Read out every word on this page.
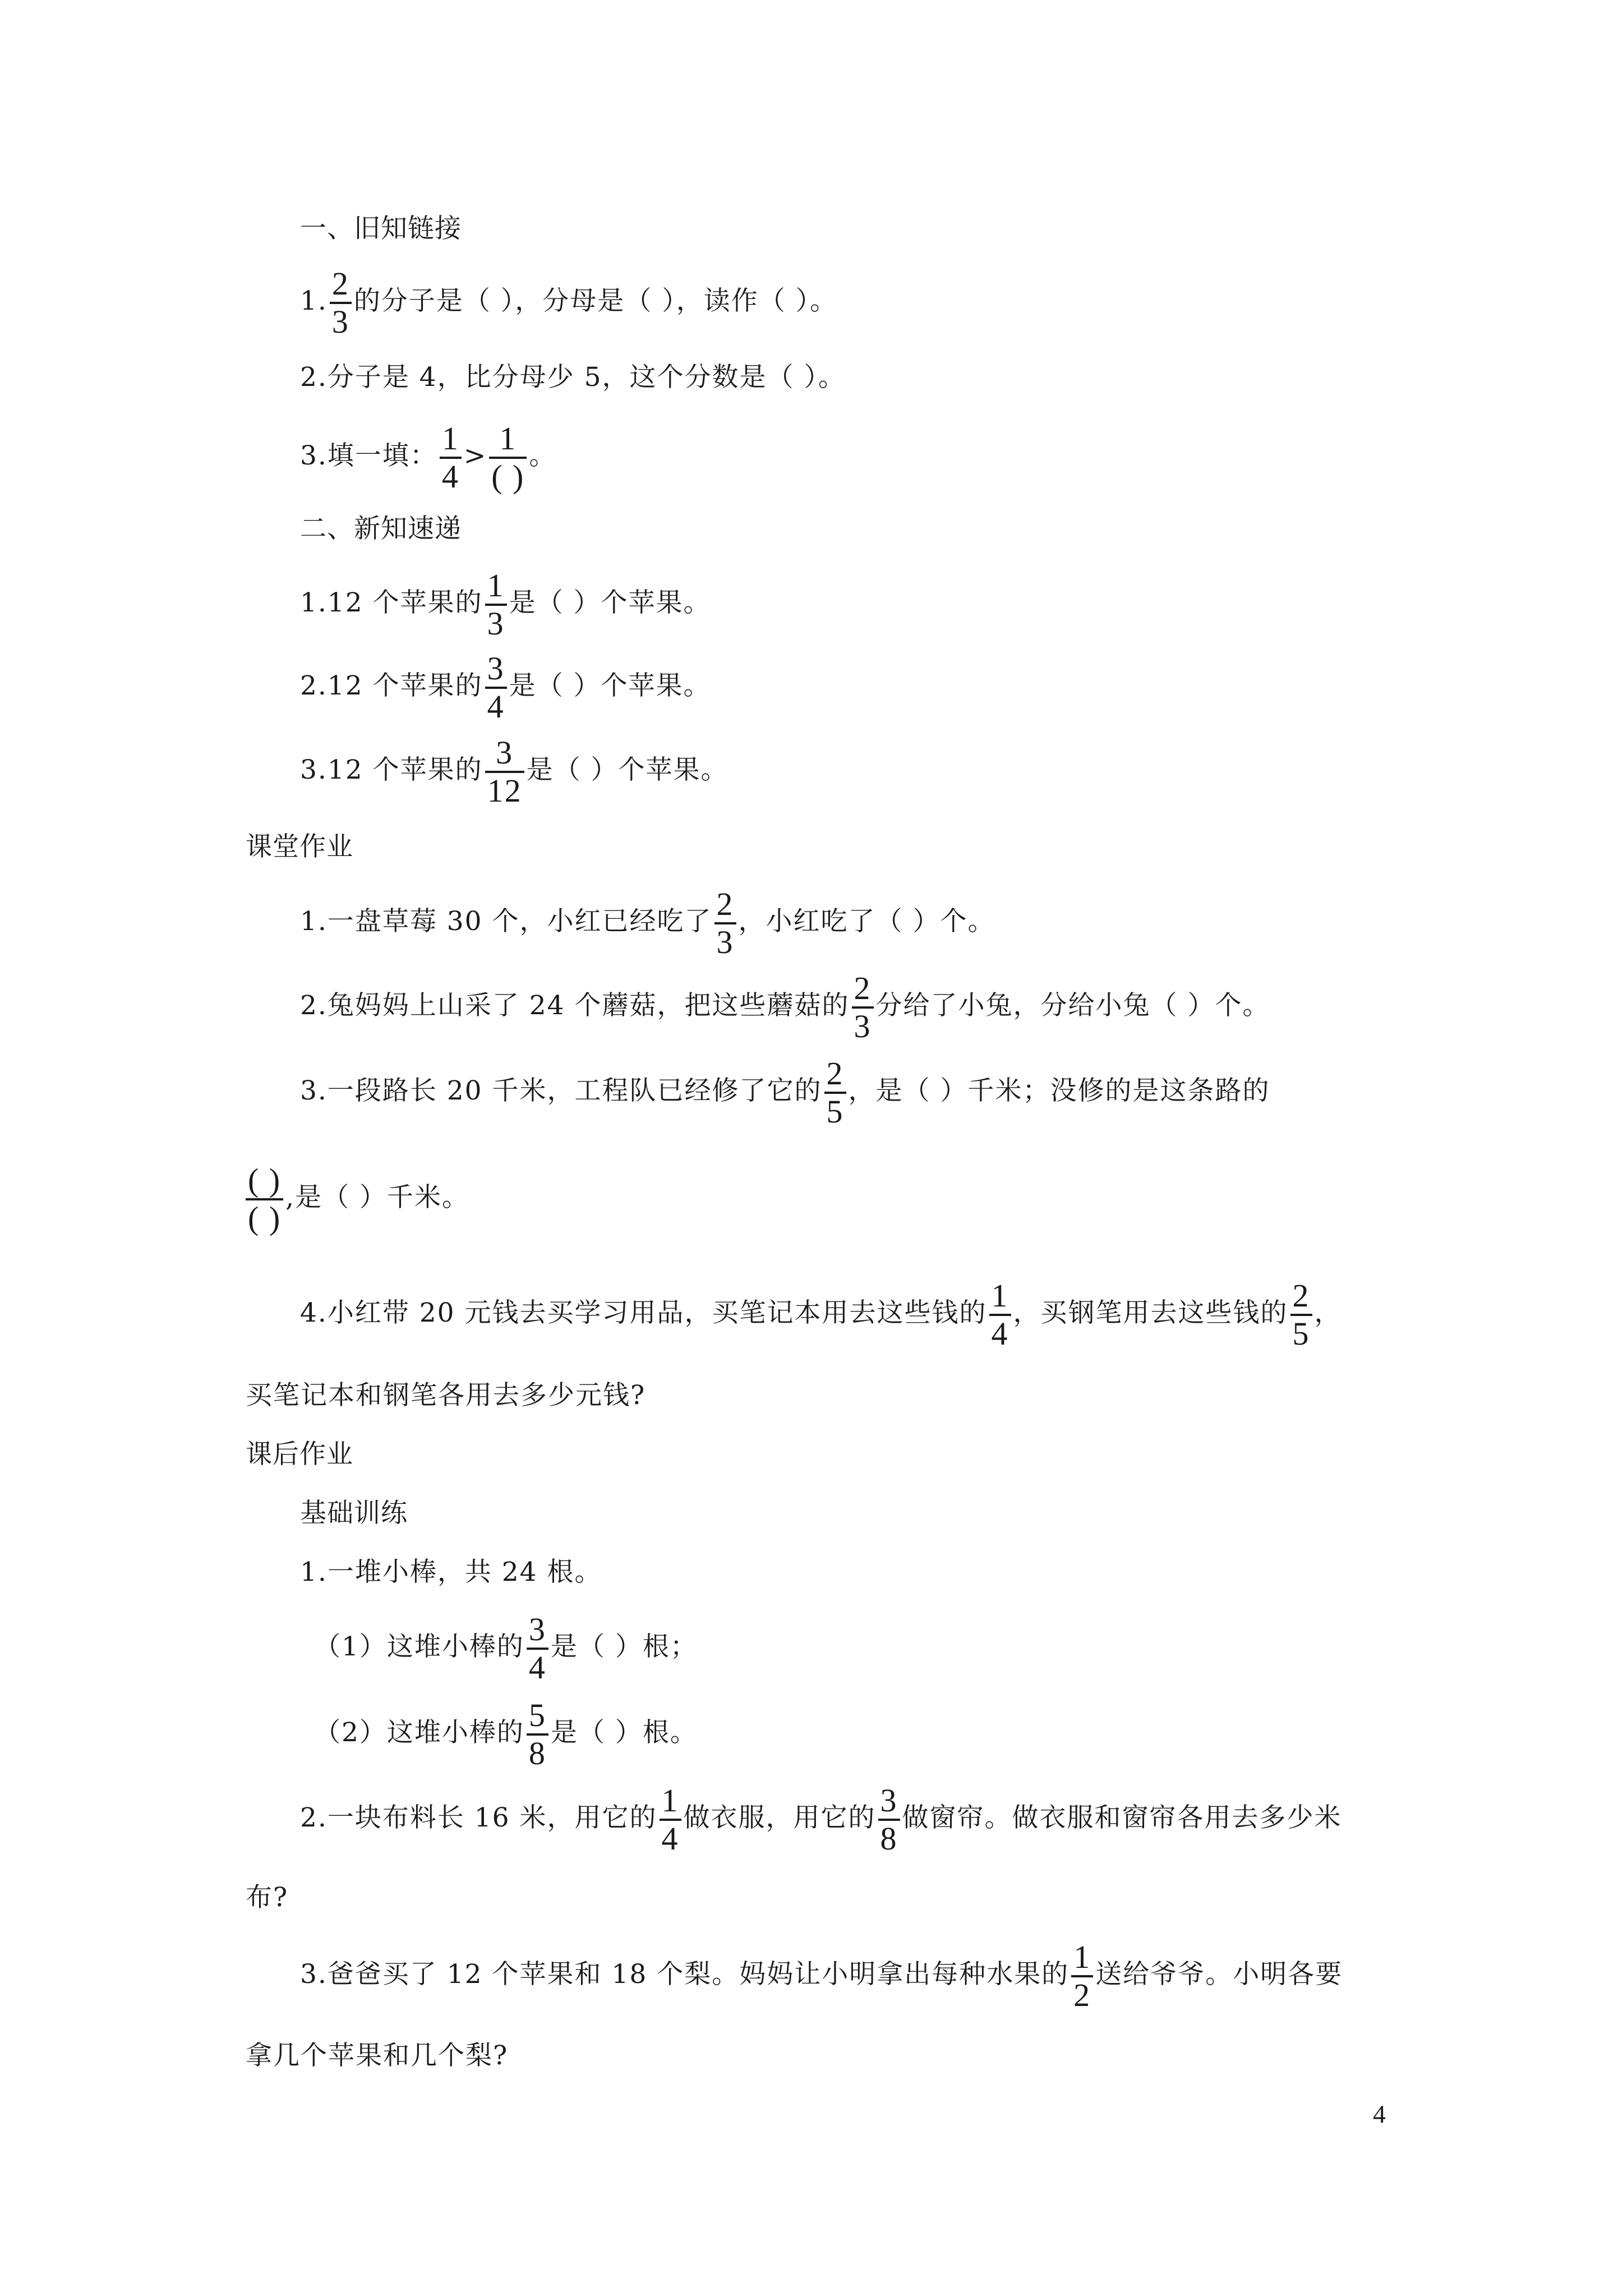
一、旧知链接
1. $\frac{2}{3}$ 的分子是（ ），分母是（ ），读作（ ）。
2.分子是 4，比分母少 5，这个分数是（ ）。
3.填一填： $\frac{1}{4} > 1$
( )
。
二、新知速递
1.12 个苹果的 $\frac{1}{3}$ 是（ ）个苹果。
2.12 个苹果的 $\frac{3}{4}$ 是（ ）个苹果。
3.12 个苹果的 $\frac{3}{12}$ 是（ ）个苹果。
课堂作业
1.一盘草莓 30 个，小红已经吃了 $\frac{2}{3}$ ，小红吃了（ ）个。
2.兔妈妈上山采了 24 个蘑菇，把这些蘑菇的 $\frac{2}{3}$ 分给了小兔，分给小兔（ ）个。
3.一段路长 20 千米，工程队已经修了它的 $\frac{2}{5}$ ，是（ ）千米；没修的是这条路的
( )
( )
,是（ ）千米。
4.小红带 20 元钱去买学习用品，买笔记本用去这些钱的 $\frac{1}{4}$ ，买钢笔用去这些钱的 $\frac{2}{5}$ ，
买笔记本和钢笔各用去多少元钱?
课后作业
基础训练
1.一堆小棒，共 24 根。
（1）这堆小棒的 $\frac{3}{4}$ 是（ ）根；
（2）这堆小棒的 $\frac{5}{8}$ 是（ ）根。
2.一块布料长 16 米，用它的 $\frac{1}{4}$ 做衣服，用它的 $\frac{3}{8}$ 做窗帘。做衣服和窗帘各用去多少米
布?
3.爸爸买了 12 个苹果和 18 个梨。妈妈让小明拿出每种水果的 $\frac{1}{2}$ 送给爷爷。小明各要
拿几个苹果和几个梨?
4
